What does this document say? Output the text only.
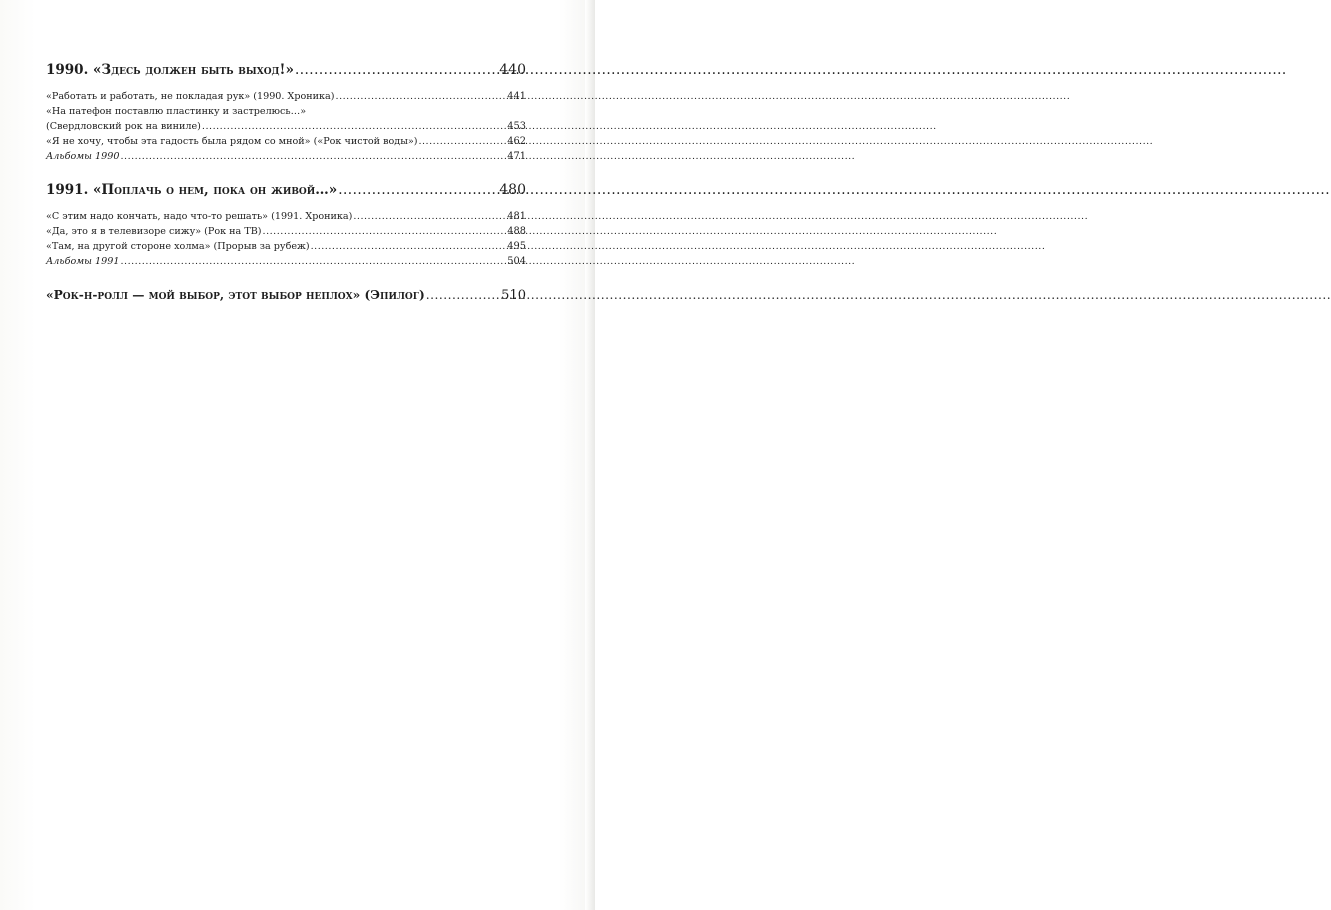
1990. «Здесь должен быть выход!» .....	440
«Работать и работать, не покладая рук» (1990. Хроника) .....	441
«На патефон поставлю пластинку и застрелюсь…»
(Свердловский рок на виниле) .....	453
«Я не хочу, чтобы эта гадость была рядом со мной» («Рок чистой воды») .....	462
Альбомы 1990 .....	471
1991. «Поплачь о нем, пока он живой…» .....	480
«С этим надо кончать, надо что-то решать» (1991. Хроника) .....	481
«Да, это я в телевизоре сижу» (Рок на ТВ) .....	488
«Там, на другой стороне холма» (Прорыв за рубеж) .....	495
Альбомы 1991 .....	504
«Рок-н-ролл — мой выбор, этот выбор неплох» (Эпилог) .....	510
